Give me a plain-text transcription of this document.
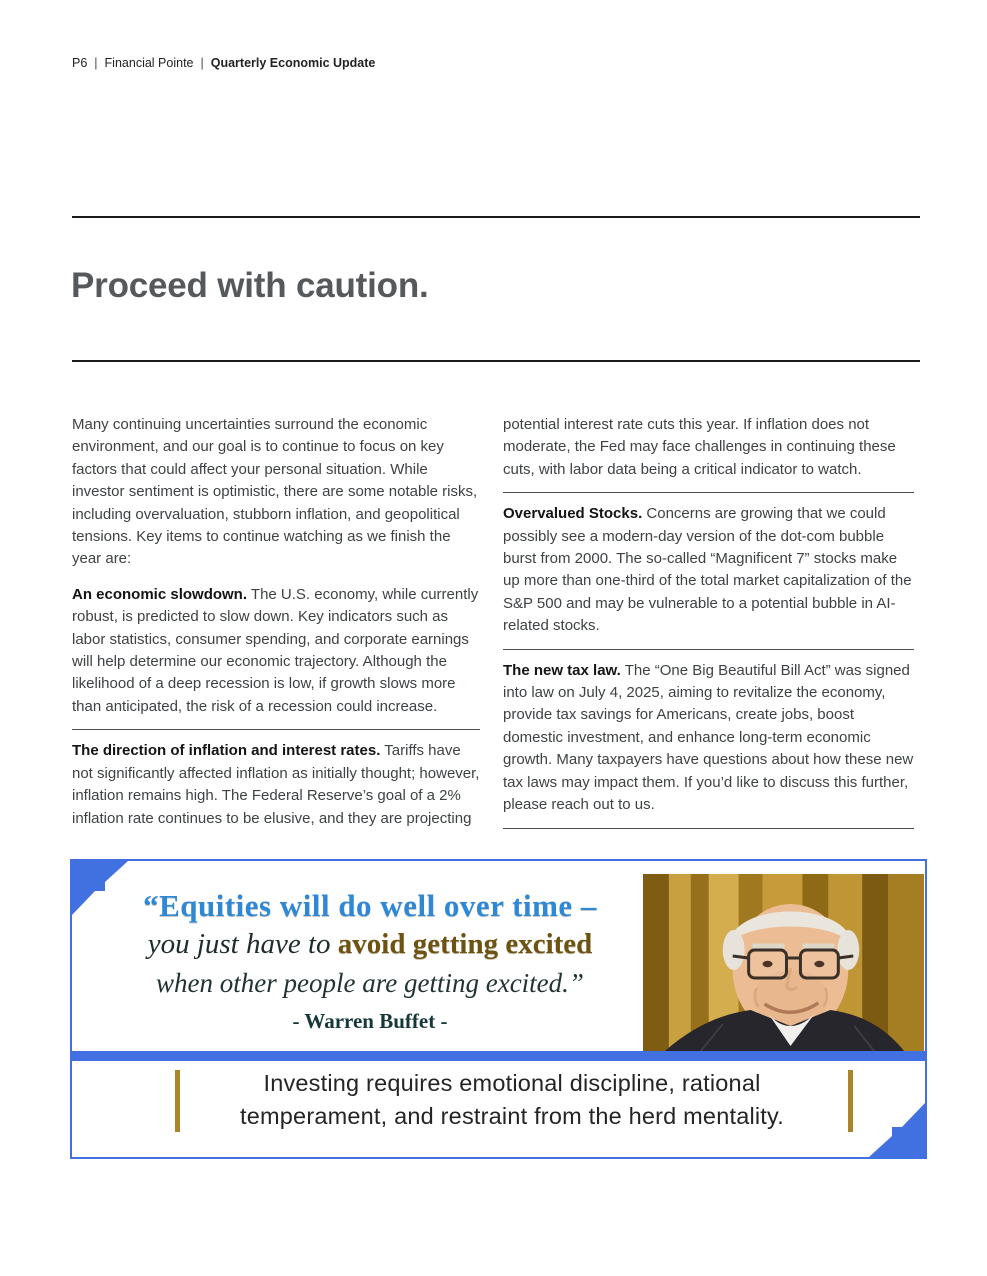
P6 | Financial Pointe | Quarterly Economic Update
Proceed with caution.

Many continuing uncertainties surround the economic environment, and our goal is to continue to focus on key factors that could affect your personal situation. While investor sentiment is optimistic, there are some notable risks, including overvaluation, stubborn inflation, and geopolitical tensions. Key items to continue watching as we finish the year are:

An economic slowdown. The U.S. economy, while currently robust, is predicted to slow down. Key indicators such as labor statistics, consumer spending, and corporate earnings will help determine our economic trajectory. Although the likelihood of a deep recession is low, if growth slows more than anticipated, the risk of a recession could increase.

The direction of inflation and interest rates. Tariffs have not significantly affected inflation as initially thought; however, inflation remains high. The Federal Reserve’s goal of a 2% inflation rate continues to be elusive, and they are projecting

potential interest rate cuts this year. If inflation does not moderate, the Fed may face challenges in continuing these cuts, with labor data being a critical indicator to watch.

Overvalued Stocks. Concerns are growing that we could possibly see a modern-day version of the dot-com bubble burst from 2000. The so-called “Magnificent 7” stocks make up more than one-third of the total market capitalization of the S&P 500 and may be vulnerable to a potential bubble in AI-related stocks.

The new tax law. The “One Big Beautiful Bill Act” was signed into law on July 4, 2025, aiming to revitalize the economy, provide tax savings for Americans, create jobs, boost domestic investment, and enhance long-term economic growth. Many taxpayers have questions about how these new tax laws may impact them. If you’d like to discuss this further, please reach out to us.

“Equities will do well over time –
you just have to avoid getting excited
when other people are getting excited.”
- Warren Buffet -
Investing requires emotional discipline, rational
temperament, and restraint from the herd mentality.
